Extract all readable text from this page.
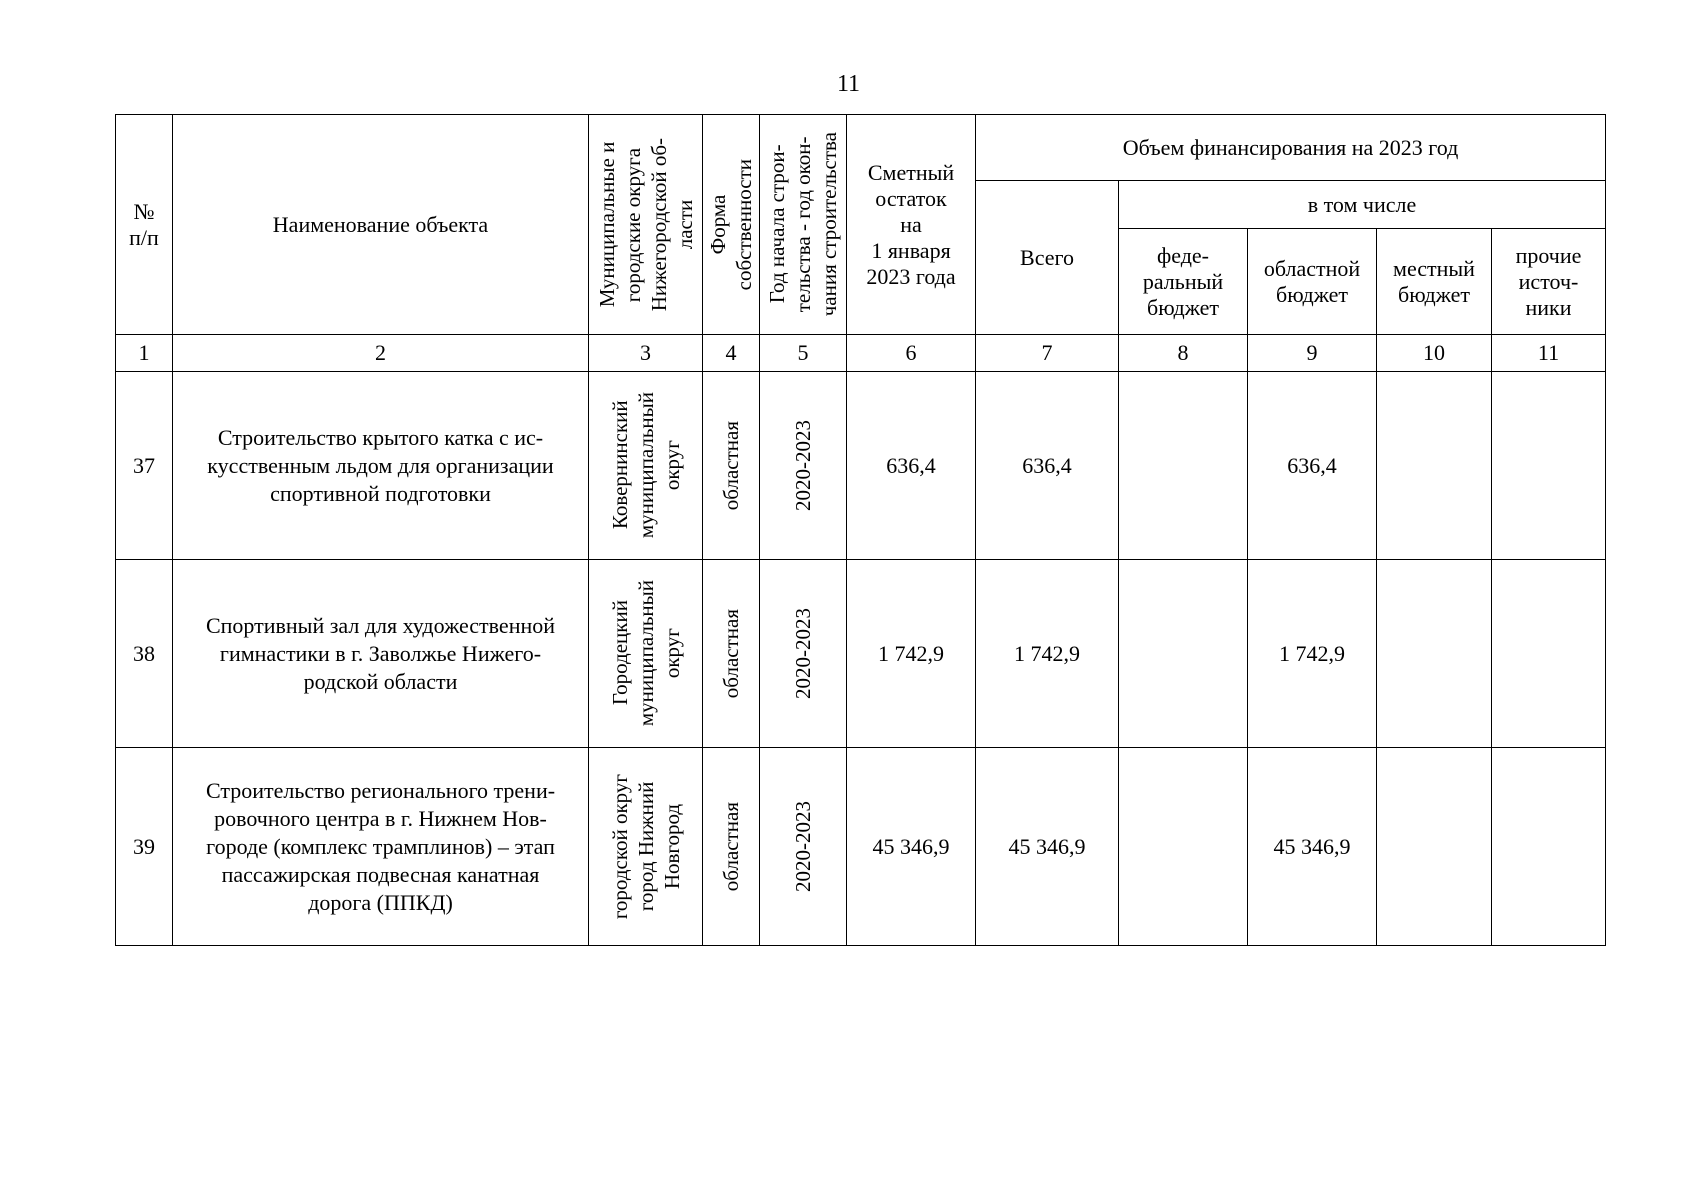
11
№
п/п	Наименование объекта	Муниципальные и
городские округа
Нижегородской об-
ласти	Форма
собственности	Год начала строи-
тельства - год окон-
чания строительства	Сметный
остаток
на
1 января
2023 года	Объем финансирования на 2023 год				
						Всего	в том числе			
							феде-
ральный
бюджет	областной
бюджет	местный
бюджет	прочие
источ-
ники
1	2	3	4	5	6	7	8	9	10	11
37	Строительство крытого катка с ис-
кусственным льдом для организации
спортивной подготовки	Ковернинский
муниципальный
округ	областная	2020-2023	636,4	636,4		636,4		
38	Спортивный зал для художественной
гимнастики в г. Заволжье Нижего-
родской области	Городецкий
муниципальный
округ	областная	2020-2023	1 742,9	1 742,9		1 742,9		
39	Строительство регионального трени-
ровочного центра в г. Нижнем Нов-
городе (комплекс трамплинов) – этап
пассажирская подвесная канатная
дорога (ППКД)	городской округ
город Нижний
Новгород	областная	2020-2023	45 346,9	45 346,9		45 346,9		
